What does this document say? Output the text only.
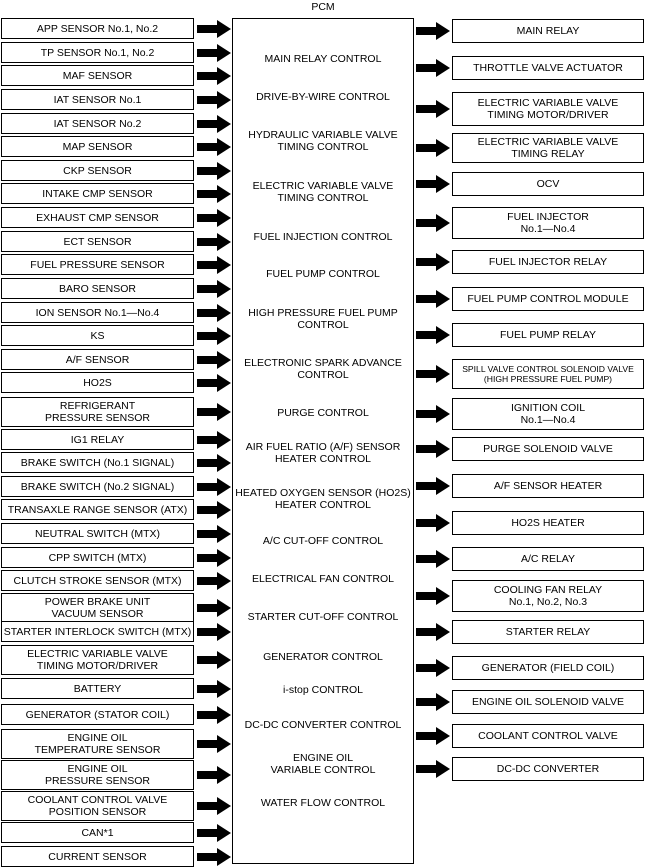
PCM
MAIN RELAY CONTROL
DRIVE-BY-WIRE CONTROL
HYDRAULIC VARIABLE VALVE
TIMING CONTROL
ELECTRIC VARIABLE VALVE
TIMING CONTROL
FUEL INJECTION CONTROL
FUEL PUMP CONTROL
HIGH PRESSURE FUEL PUMP
CONTROL
ELECTRONIC SPARK ADVANCE
CONTROL
PURGE CONTROL
AIR FUEL RATIO (A/F) SENSOR
HEATER CONTROL
HEATED OXYGEN SENSOR (HO2S)
HEATER CONTROL
A/C CUT-OFF CONTROL
ELECTRICAL FAN CONTROL
STARTER CUT-OFF CONTROL
GENERATOR CONTROL
i-stop CONTROL
DC-DC CONVERTER CONTROL
ENGINE OIL
VARIABLE CONTROL
WATER FLOW CONTROL
APP SENSOR No.1, No.2
TP SENSOR No.1, No.2
MAF SENSOR
IAT SENSOR No.1
IAT SENSOR No.2
MAP SENSOR
CKP SENSOR
INTAKE CMP SENSOR
EXHAUST CMP SENSOR
ECT SENSOR
FUEL PRESSURE SENSOR
BARO SENSOR
ION SENSOR No.1—No.4
KS
A/F SENSOR
HO2S
REFRIGERANT
PRESSURE SENSOR
IG1 RELAY
BRAKE SWITCH (No.1 SIGNAL)
BRAKE SWITCH (No.2 SIGNAL)
TRANSAXLE RANGE SENSOR (ATX)
NEUTRAL SWITCH (MTX)
CPP SWITCH (MTX)
CLUTCH STROKE SENSOR (MTX)
POWER BRAKE UNIT
VACUUM SENSOR
STARTER INTERLOCK SWITCH (MTX)
ELECTRIC VARIABLE VALVE
TIMING MOTOR/DRIVER
BATTERY
GENERATOR (STATOR COIL)
ENGINE OIL
TEMPERATURE SENSOR
ENGINE OIL
PRESSURE SENSOR
COOLANT CONTROL VALVE
POSITION SENSOR
CAN*1
CURRENT SENSOR
MAIN RELAY
THROTTLE VALVE ACTUATOR
ELECTRIC VARIABLE VALVE
TIMING MOTOR/DRIVER
ELECTRIC VARIABLE VALVE
TIMING RELAY
OCV
FUEL INJECTOR
No.1—No.4
FUEL INJECTOR RELAY
FUEL PUMP CONTROL MODULE
FUEL PUMP RELAY
SPILL VALVE CONTROL SOLENOID VALVE
(HIGH PRESSURE FUEL PUMP)
IGNITION COIL
No.1—No.4
PURGE SOLENOID VALVE
A/F SENSOR HEATER
HO2S HEATER
A/C RELAY
COOLING FAN RELAY
No.1, No.2, No.3
STARTER RELAY
GENERATOR (FIELD COIL)
ENGINE OIL SOLENOID VALVE
COOLANT CONTROL VALVE
DC-DC CONVERTER
